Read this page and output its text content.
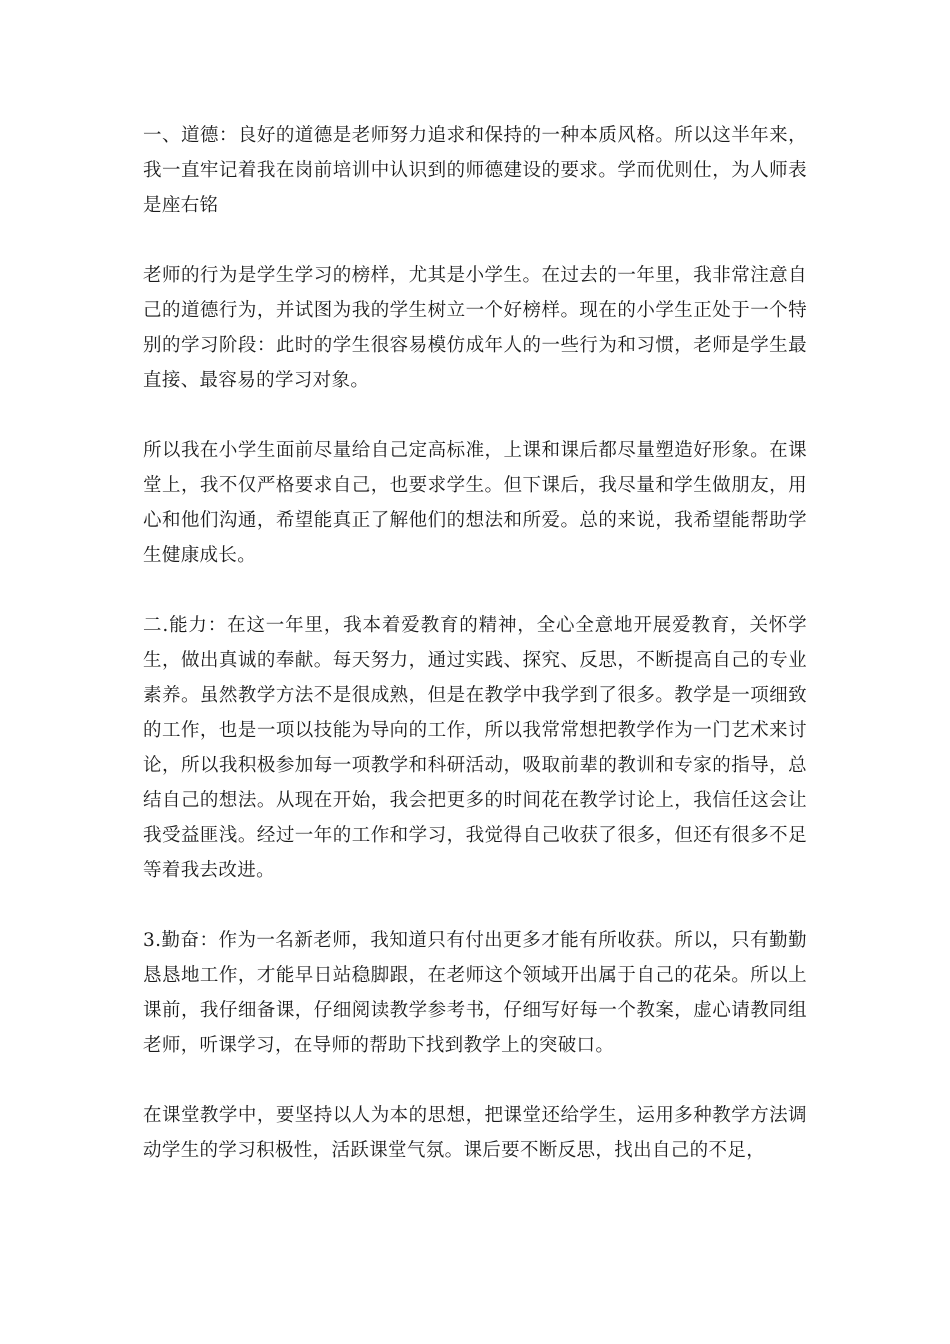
一、道德：良好的道德是老师努力追求和保持的一种本质风格。所以这半年来，我一直牢记着我在岗前培训中认识到的师德建设的要求。学而优则仕，为人师表是座右铭

老师的行为是学生学习的榜样，尤其是小学生。在过去的一年里，我非常注意自己的道德行为，并试图为我的学生树立一个好榜样。现在的小学生正处于一个特别的学习阶段：此时的学生很容易模仿成年人的一些行为和习惯，老师是学生最直接、最容易的学习对象。

所以我在小学生面前尽量给自己定高标准，上课和课后都尽量塑造好形象。在课堂上，我不仅严格要求自己，也要求学生。但下课后，我尽量和学生做朋友，用心和他们沟通，希望能真正了解他们的想法和所爱。总的来说，我希望能帮助学生健康成长。

二.能力：在这一年里，我本着爱教育的精神，全心全意地开展爱教育，关怀学生，做出真诚的奉献。每天努力，通过实践、探究、反思，不断提高自己的专业素养。虽然教学方法不是很成熟，但是在教学中我学到了很多。教学是一项细致的工作，也是一项以技能为导向的工作，所以我常常想把教学作为一门艺术来讨论，所以我积极参加每一项教学和科研活动，吸取前辈的教训和专家的指导，总结自己的想法。从现在开始，我会把更多的时间花在教学讨论上，我信任这会让我受益匪浅。经过一年的工作和学习，我觉得自己收获了很多，但还有很多不足等着我去改进。

3.勤奋：作为一名新老师，我知道只有付出更多才能有所收获。所以，只有勤勤恳恳地工作，才能早日站稳脚跟，在老师这个领域开出属于自己的花朵。所以上课前，我仔细备课，仔细阅读教学参考书，仔细写好每一个教案，虚心请教同组老师，听课学习，在导师的帮助下找到教学上的突破口。

在课堂教学中，要坚持以人为本的思想，把课堂还给学生，运用多种教学方法调动学生的学习积极性，活跃课堂气氛。课后要不断反思，找出自己的不足，
